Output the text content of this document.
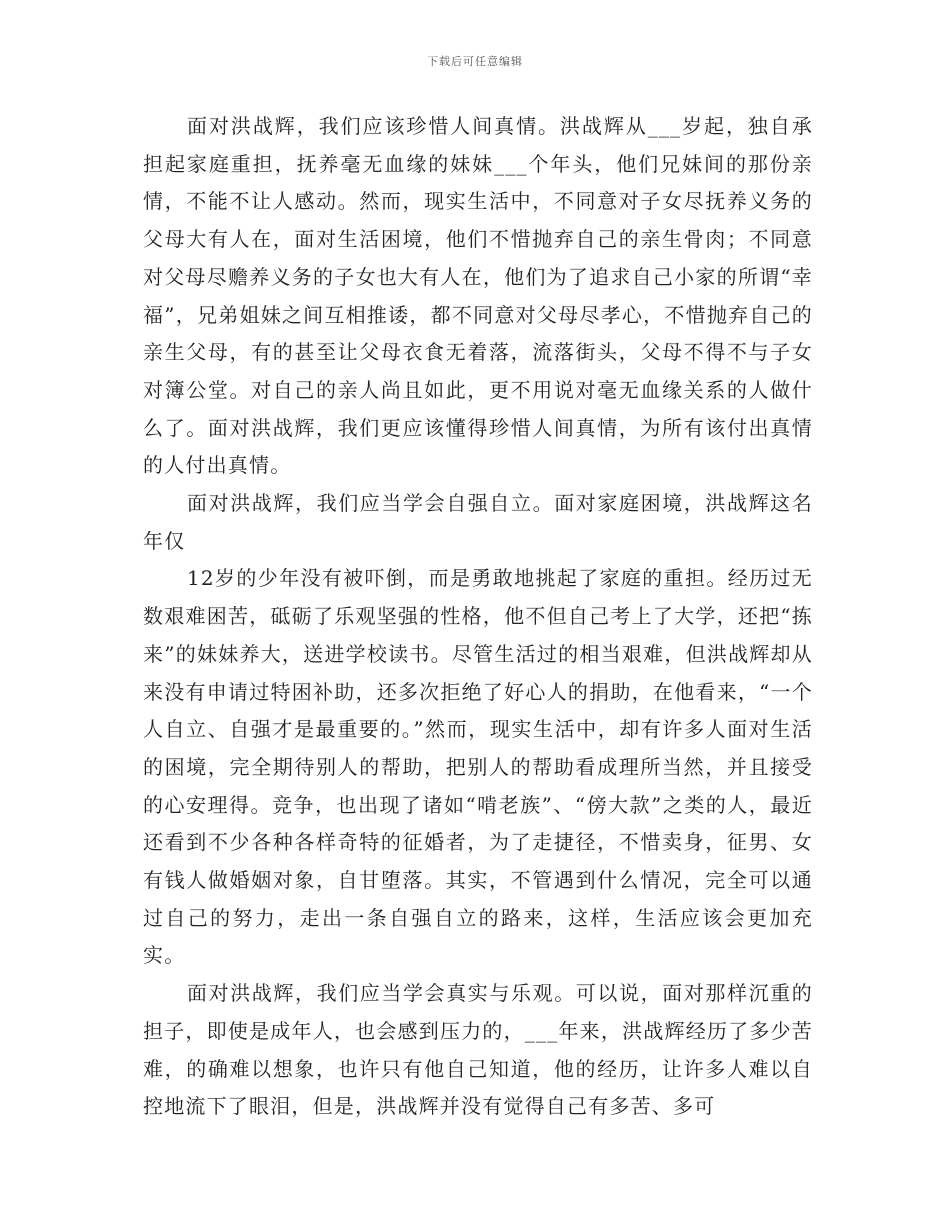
下载后可任意编辑

面对洪战辉，我们应该珍惜人间真情。洪战辉从___岁起，独自承担起家庭重担，抚养毫无血缘的妹妹___个年头，他们兄妹间的那份亲情，不能不让人感动。然而，现实生活中，不同意对子女尽抚养义务的父母大有人在，面对生活困境，他们不惜抛弃自己的亲生骨肉；不同意对父母尽赡养义务的子女也大有人在，他们为了追求自己小家的所谓“幸福”，兄弟姐妹之间互相推诿，都不同意对父母尽孝心，不惜抛弃自己的亲生父母，有的甚至让父母衣食无着落，流落街头，父母不得不与子女对簿公堂。对自己的亲人尚且如此，更不用说对毫无血缘关系的人做什么了。面对洪战辉，我们更应该懂得珍惜人间真情，为所有该付出真情的人付出真情。

面对洪战辉，我们应当学会自强自立。面对家庭困境，洪战辉这名年仅

12岁的少年没有被吓倒，而是勇敢地挑起了家庭的重担。经历过无数艰难困苦，砥砺了乐观坚强的性格，他不但自己考上了大学，还把“拣来”的妹妹养大，送进学校读书。尽管生活过的相当艰难，但洪战辉却从来没有申请过特困补助，还多次拒绝了好心人的捐助，在他看来，“一个人自立、自强才是最重要的。”然而，现实生活中，却有许多人面对生活的困境，完全期待别人的帮助，把别人的帮助看成理所当然，并且接受的心安理得。竞争，也出现了诸如“啃老族”、“傍大款”之类的人，最近还看到不少各种各样奇特的征婚者，为了走捷径，不惜卖身，征男、女有钱人做婚姻对象，自甘堕落。其实，不管遇到什么情况，完全可以通过自己的努力，走出一条自强自立的路来，这样，生活应该会更加充实。

面对洪战辉，我们应当学会真实与乐观。可以说，面对那样沉重的担子，即使是成年人，也会感到压力的，___年来，洪战辉经历了多少苦难，的确难以想象，也许只有他自己知道，他的经历，让许多人难以自控地流下了眼泪，但是，洪战辉并没有觉得自己有多苦、多可
